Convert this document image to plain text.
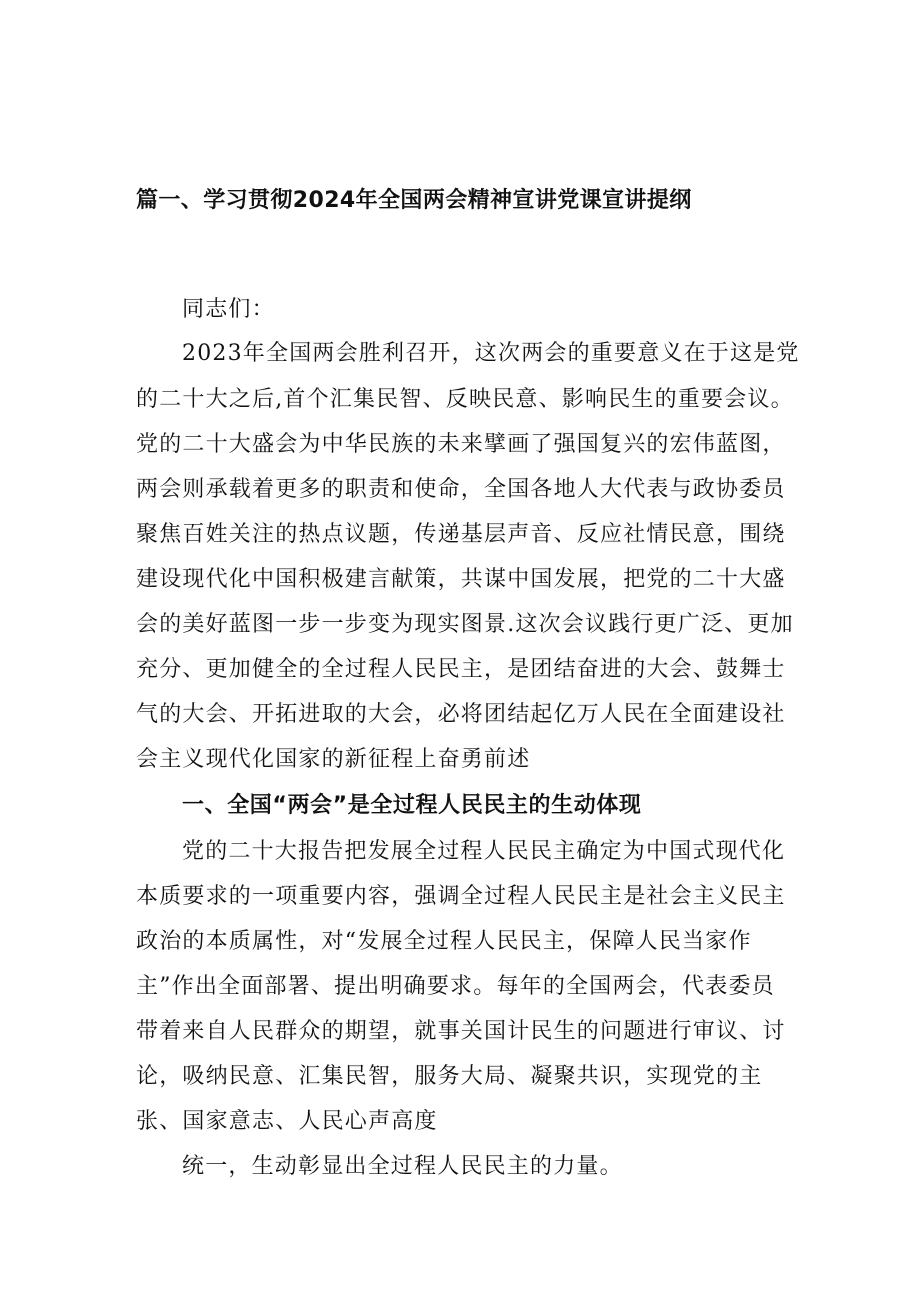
篇一、学习贯彻2024年全国两会精神宣讲党课宣讲提纲
同志们：
2023年全国两会胜利召开，这次两会的重要意义在于这是党
的二十大之后,首个汇集民智、反映民意、影响民生的重要会议。
党的二十大盛会为中华民族的未来擘画了强国复兴的宏伟蓝图，
两会则承载着更多的职责和使命，全国各地人大代表与政协委员
聚焦百姓关注的热点议题，传递基层声音、反应社情民意，围绕
建设现代化中国积极建言献策，共谋中国发展，把党的二十大盛
会的美好蓝图一步一步变为现实图景.这次会议践行更广泛、更加
充分、更加健全的全过程人民民主，是团结奋进的大会、鼓舞士
气的大会、开拓进取的大会，必将团结起亿万人民在全面建设社
会主义现代化国家的新征程上奋勇前述
一、全国“两会”是全过程人民民主的生动体现
党的二十大报告把发展全过程人民民主确定为中国式现代化
本质要求的一项重要内容，强调全过程人民民主是社会主义民主
政治的本质属性，对“发展全过程人民民主，保障人民当家作
主”作出全面部署、提出明确要求。每年的全国两会，代表委员
带着来自人民群众的期望，就事关国计民生的问题进行审议、讨
论，吸纳民意、汇集民智，服务大局、凝聚共识，实现党的主
张、国家意志、人民心声高度
统一，生动彰显出全过程人民民主的力量。
